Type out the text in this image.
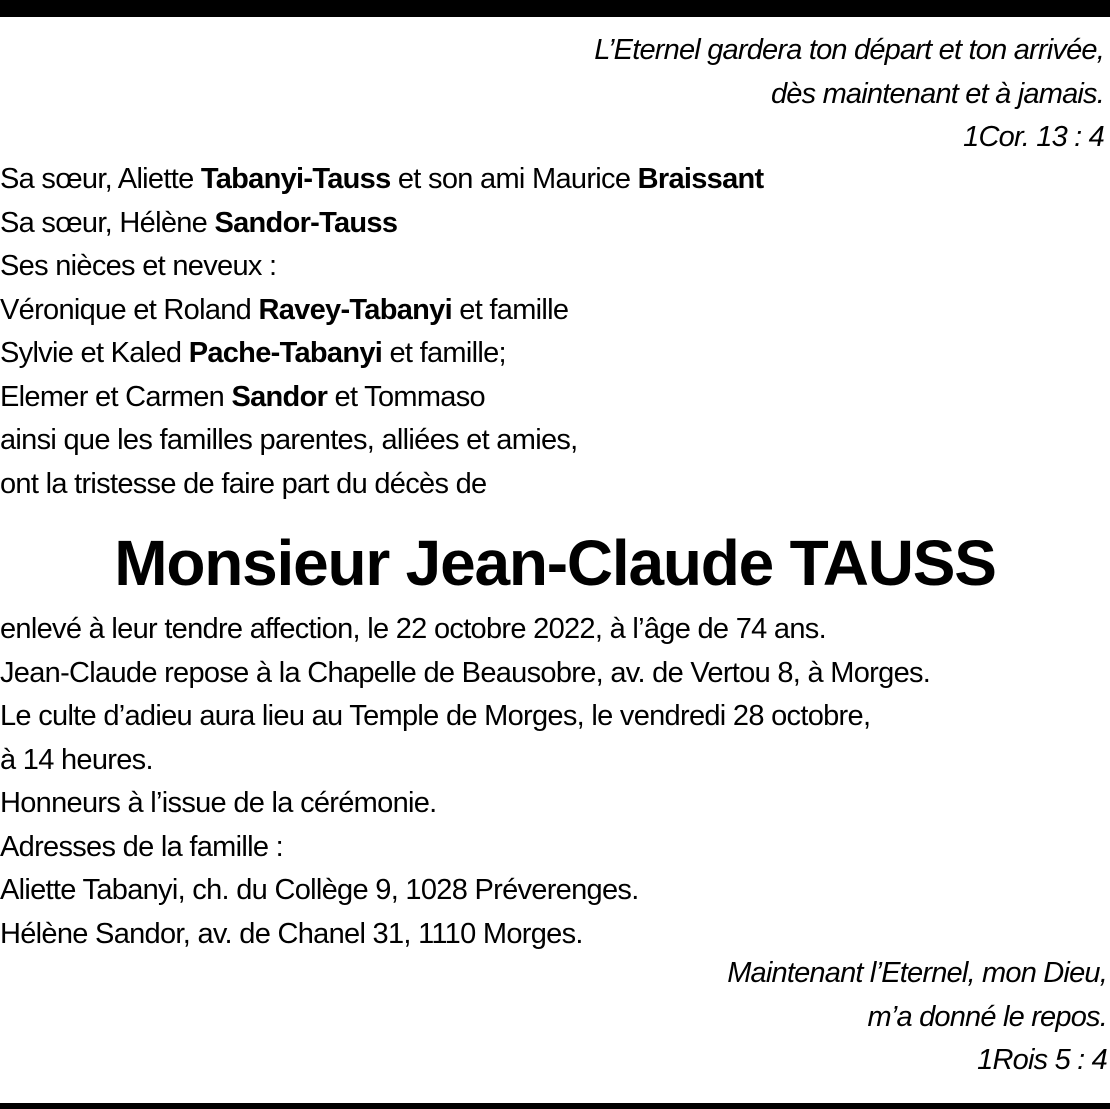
L’Eternel gardera ton départ et ton arrivée,
dès maintenant et à jamais.
1Cor. 13 : 4
Sa sœur, Aliette Tabanyi-Tauss et son ami Maurice Braissant
Sa sœur, Hélène Sandor-Tauss
Ses nièces et neveux :
Véronique et Roland Ravey-Tabanyi et famille
Sylvie et Kaled Pache-Tabanyi et famille;
Elemer et Carmen Sandor et Tommaso
ainsi que les familles parentes, alliées et amies,
ont la tristesse de faire part du décès de
Monsieur Jean-Claude TAUSS
enlevé à leur tendre affection, le 22 octobre 2022, à l’âge de 74 ans.
Jean-Claude repose à la Chapelle de Beausobre, av. de Vertou 8, à Morges.
Le culte d’adieu aura lieu au Temple de Morges, le vendredi 28 octobre,
à 14 heures.
Honneurs à l’issue de la cérémonie.
Adresses de la famille :
Aliette Tabanyi, ch. du Collège 9, 1028 Préverenges.
Hélène Sandor, av. de Chanel 31, 1110 Morges.
Maintenant l’Eternel, mon Dieu,
m’a donné le repos.
1Rois 5 : 4
